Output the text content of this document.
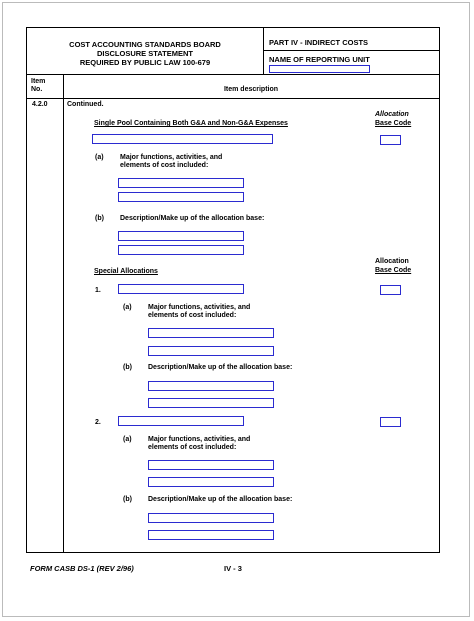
COST ACCOUNTING STANDARDS BOARD
DISCLOSURE STATEMENT
REQUIRED BY PUBLIC LAW 100-679
PART IV - INDIRECT COSTS
NAME OF REPORTING UNIT
Item
No.	Item description
4.2.0	Continued.
Single Pool Containing Both G&A and Non-G&A Expenses
Allocation
Base Code
(a) Major functions, activities, and
elements of cost included:
(b) Description/Make up of the allocation base:
Special Allocations
Allocation
Base Code
1.
(a) Major functions, activities, and
elements of cost included:
(b) Description/Make up of the allocation base:
2.
(a) Major functions, activities, and
elements of cost included:
(b) Description/Make up of the allocation base:
FORM CASB DS-1 (REV 2/96)	IV - 3
